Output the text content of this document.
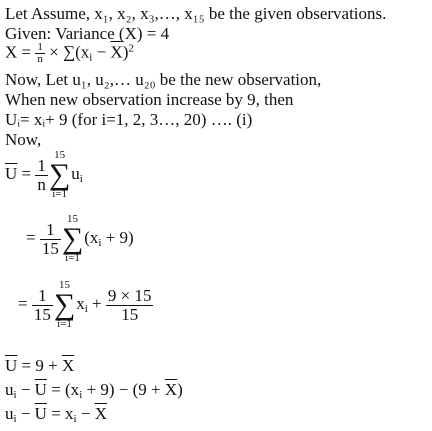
Let Assume, x₁, x₂, x₃,…, x₁₅ be the given observations.
Given: Variance (X) = 4
$X = \frac{1}{n} \times \sum(x_i - \overline{X})^2$
Now, Let u₁, u₂,… u₂₀ be the new observation,
When new observation increase by 9, then
Uᵢ= xᵢ+ 9 (for i=1, 2, 3…, 20) …. (i)
Now,
$\overline{U} = \frac{1}{n}$
15
∑
i=1
$u_i$
= $\frac{1}{15}$
15
∑
i=1
$(x_i + 9)$
= $\frac{1}{15}$
15
∑
i=1
$x_i + \frac{9 \times 15}{15}$
$\overline{U} = 9 + \overline{X}$
$u_i - \overline{U} = (x_i + 9) - (9 + \overline{X})$
$u_i - \overline{U} = x_i - \overline{X}$
